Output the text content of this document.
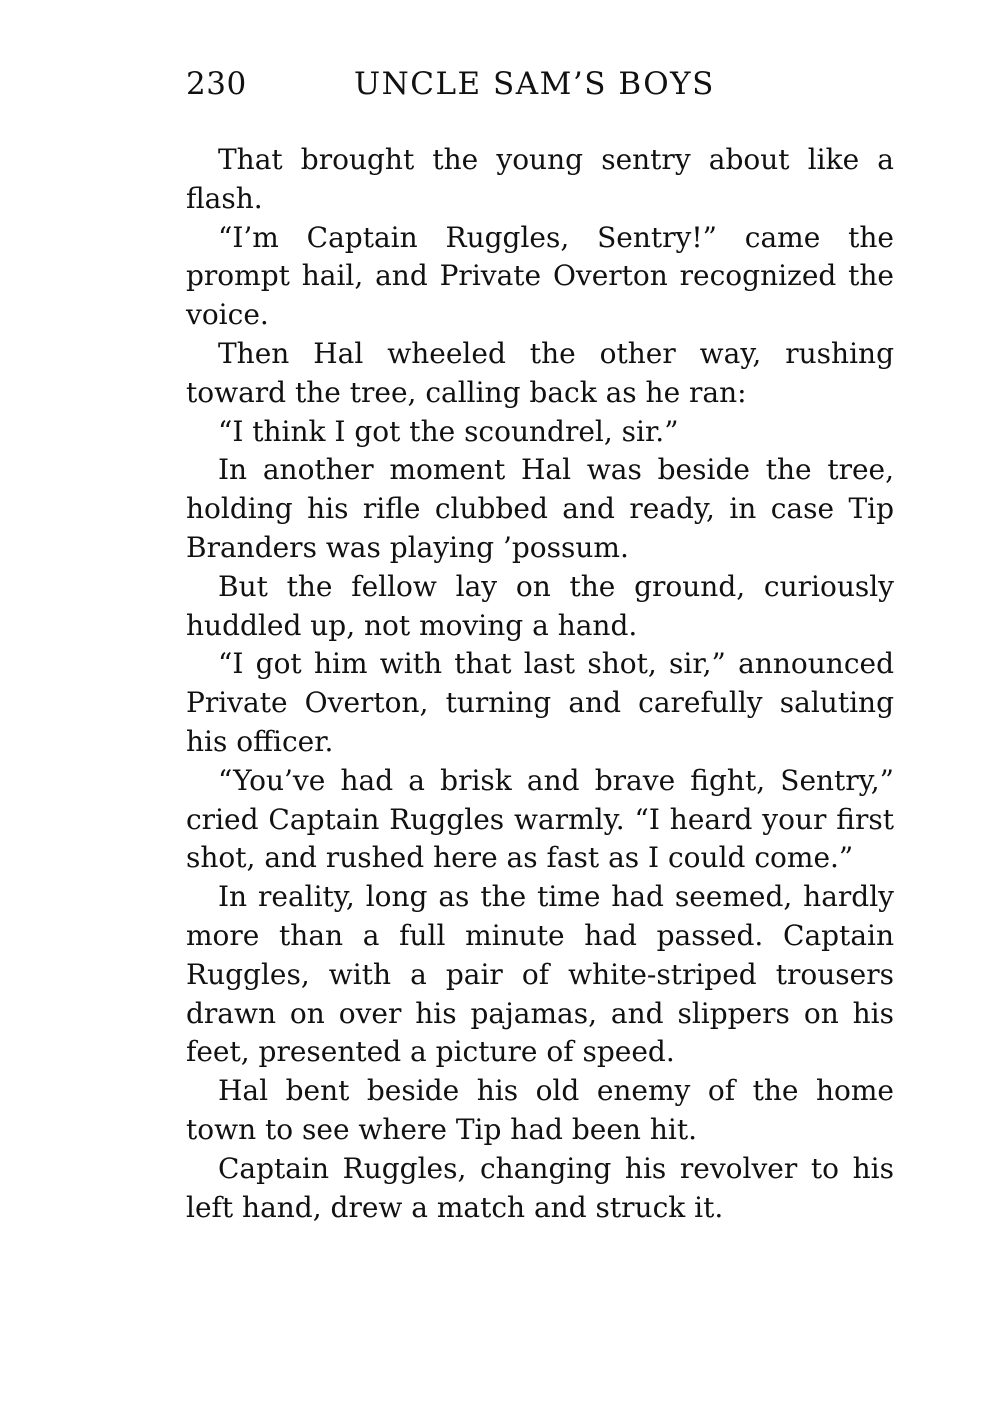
230	UNCLE SAM’S BOYS

That brought the young sentry about like a flash.

“I’m Captain Ruggles, Sentry!” came the prompt hail, and Private Overton recognized the voice.

Then Hal wheeled the other way, rushing toward the tree, calling back as he ran:

“I think I got the scoundrel, sir.”

In another moment Hal was beside the tree, holding his rifle clubbed and ready, in case Tip Branders was playing ’possum.

But the fellow lay on the ground, curiously huddled up, not moving a hand.

“I got him with that last shot, sir,” announced Private Overton, turning and carefully saluting his officer.

“You’ve had a brisk and brave fight, Sentry,” cried Captain Ruggles warmly. “I heard your first shot, and rushed here as fast as I could come.”

In reality, long as the time had seemed, hardly more than a full minute had passed. Captain Ruggles, with a pair of white-striped trousers drawn on over his pajamas, and slippers on his feet, presented a picture of speed.

Hal bent beside his old enemy of the home town to see where Tip had been hit.

Captain Ruggles, changing his revolver to his left hand, drew a match and struck it.
